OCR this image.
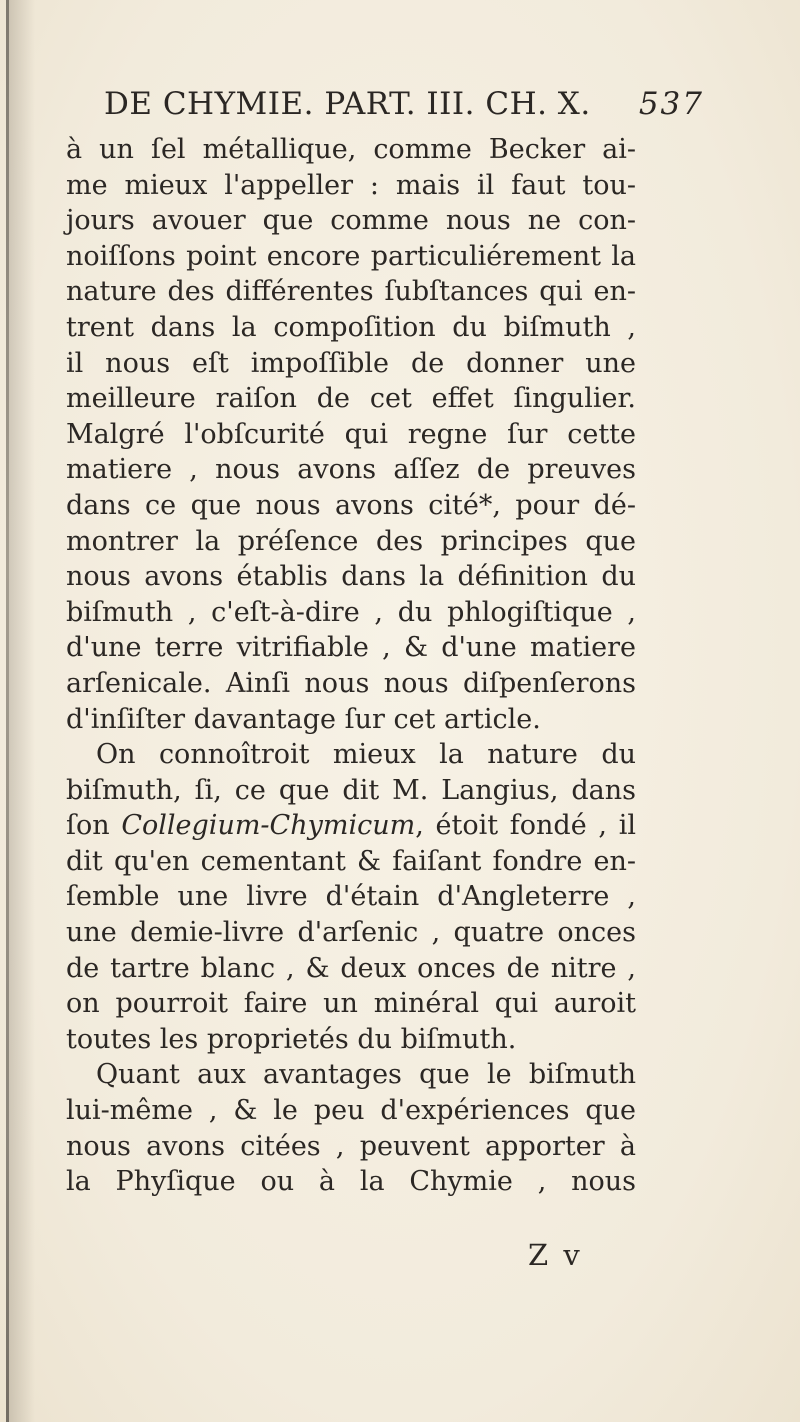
DE CHYMIE. PART. III. CH. X. 537
à un ſel métallique, comme Becker ai-
me mieux l'appeller : mais il faut tou-
jours avouer que comme nous ne con-
noiſſons point encore particuliérement la
nature des différentes ſubſtances qui en-
trent dans la compoſition du biſmuth ,
il nous eſt impoſſible de donner une
meilleure raiſon de cet effet ſingulier.
Malgré l'obſcurité qui regne ſur cette
matiere , nous avons aſſez de preuves
dans ce que nous avons cité*, pour dé-
montrer la préſence des principes que
nous avons établis dans la définition du
biſmuth , c'eſt-à-dire , du phlogiſtique ,
d'une terre vitrifiable , & d'une matiere
arſenicale. Ainſi nous nous diſpenſerons
d'inſiſter davantage ſur cet article.
On connoîtroit mieux la nature du
biſmuth, ſi, ce que dit M. Langius, dans
ſon Collegium-Chymicum, étoit fondé , il
dit qu'en cementant & faiſant fondre en-
ſemble une livre d'étain d'Angleterre ,
une demie-livre d'arſenic , quatre onces
de tartre blanc , & deux onces de nitre ,
on pourroit faire un minéral qui auroit
toutes les proprietés du biſmuth.
Quant aux avantages que le biſmuth
lui-même , & le peu d'expériences que
nous avons citées , peuvent apporter à
la Phyſique ou à la Chymie , nous
Z v
